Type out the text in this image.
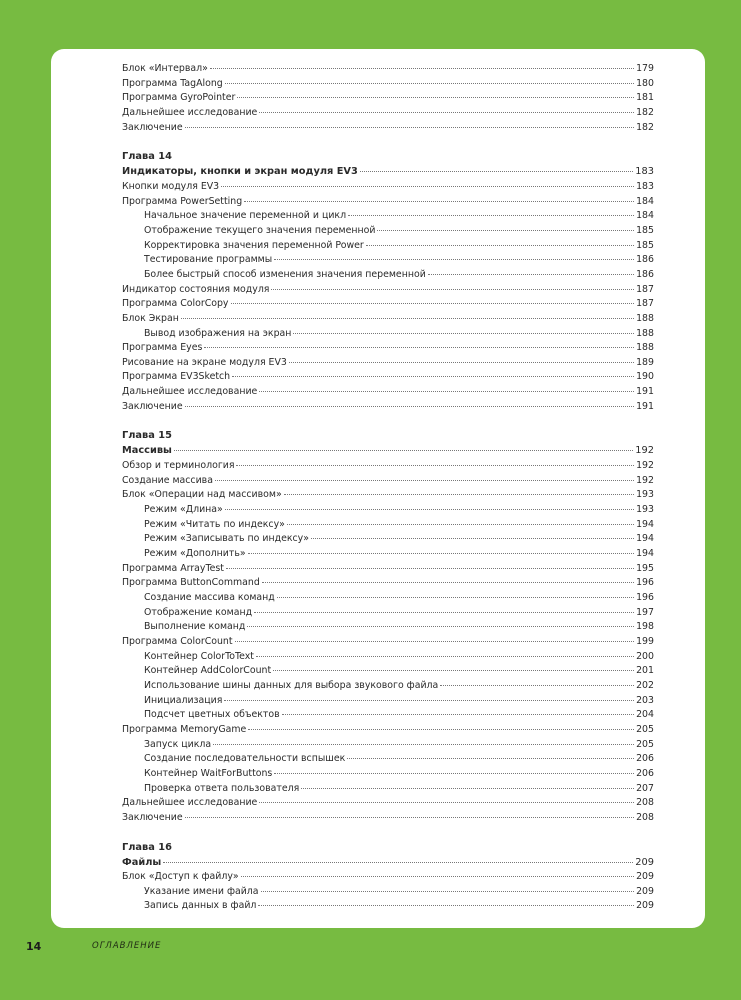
Блок «Интервал»	179
Программа TagAlong	180
Программа GyroPointer	181
Дальнейшее исследование	182
Заключение	182
Глава 14
Индикаторы, кнопки и экран модуля EV3	183
Кнопки модуля EV3	183
Программа PowerSetting	184
Начальное значение переменной и цикл	184
Отображение текущего значения переменной	185
Корректировка значения переменной Power	185
Тестирование программы	186
Более быстрый способ изменения значения переменной	186
Индикатор состояния модуля	187
Программа ColorCopy	187
Блок Экран	188
Вывод изображения на экран	188
Программа Eyes	188
Рисование на экране модуля EV3	189
Программа EV3Sketch	190
Дальнейшее исследование	191
Заключение	191
Глава 15
Массивы	192
Обзор и терминология	192
Создание массива	192
Блок «Операции над массивом»	193
Режим «Длина»	193
Режим «Читать по индексу»	194
Режим «Записывать по индексу»	194
Режим «Дополнить»	194
Программа ArrayTest	195
Программа ButtonCommand	196
Создание массива команд	196
Отображение команд	197
Выполнение команд	198
Программа ColorCount	199
Контейнер ColorToText	200
Контейнер AddColorCount	201
Использование шины данных для выбора звукового файла	202
Инициализация	203
Подсчет цветных объектов	204
Программа MemoryGame	205
Запуск цикла	205
Создание последовательности вспышек	206
Контейнер WaitForButtons	206
Проверка ответа пользователя	207
Дальнейшее исследование	208
Заключение	208
Глава 16
Файлы	209
Блок «Доступ к файлу»	209
Указание имени файла	209
Запись данных в файл	209
14	ОГЛАВЛЕНИЕ
